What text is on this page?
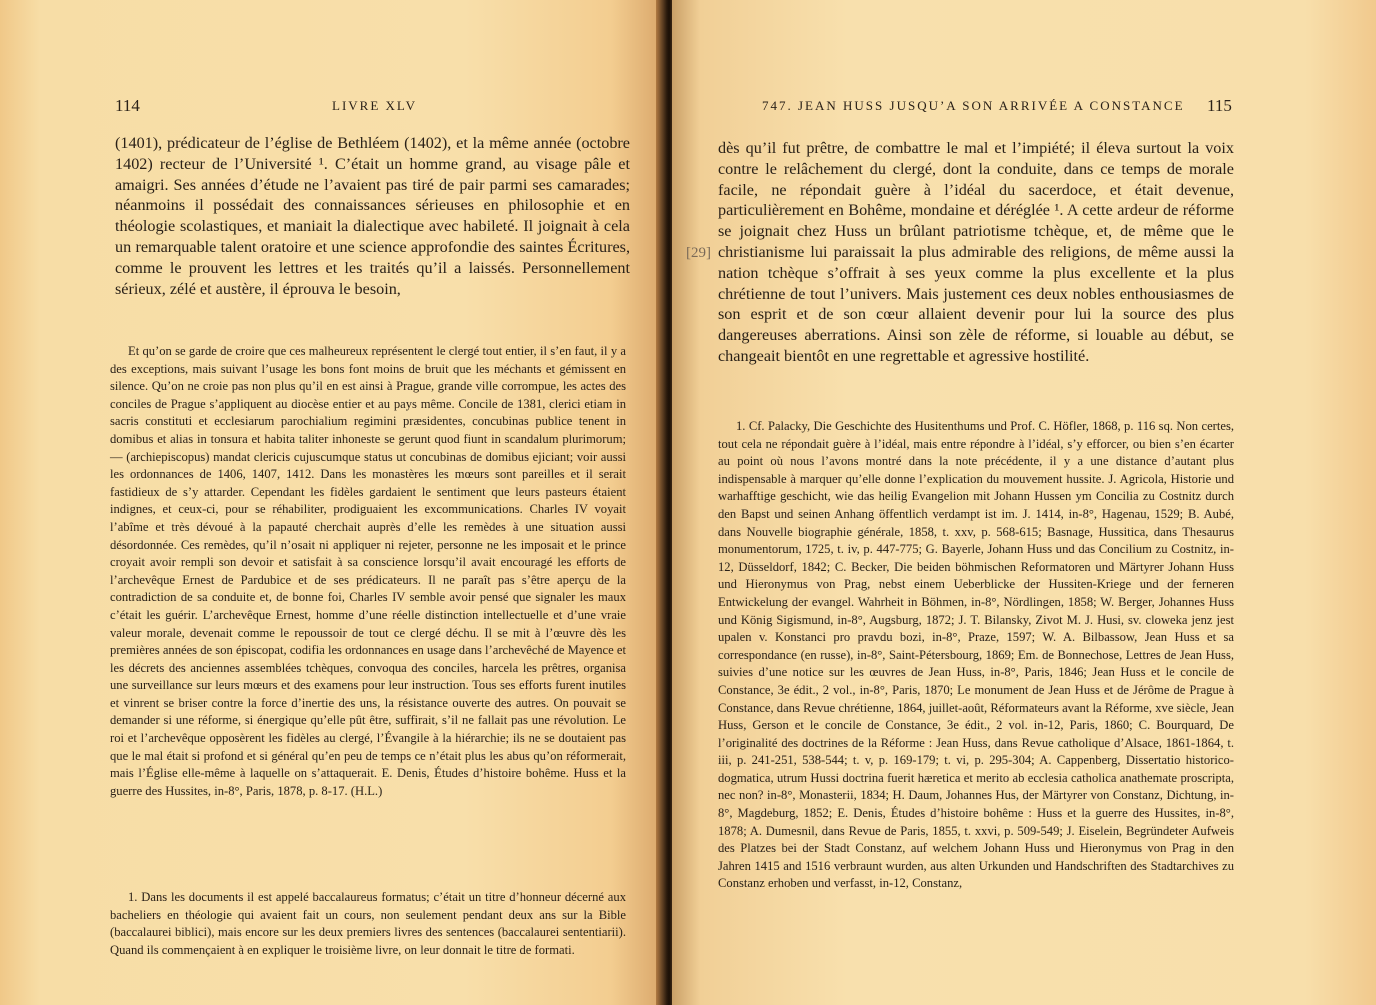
114	LIVRE XLV

(1401), prédicateur de l’église de Bethléem (1402), et la même année (octobre 1402) recteur de l’Université ¹. C’était un homme grand, au visage pâle et amaigri. Ses années d’étude ne l’avaient pas tiré de pair parmi ses camarades; néanmoins il possédait des connaissances sérieuses en philosophie et en théologie scolastiques, et maniait la dialectique avec habileté. Il joignait à cela un remarquable talent oratoire et une science approfondie des saintes Écritures, comme le prouvent les lettres et les traités qu’il a laissés. Personnellement sérieux, zélé et austère, il éprouva le besoin,

Et qu’on se garde de croire que ces malheureux représentent le clergé tout entier, il s’en faut, il y a des exceptions, mais suivant l’usage les bons font moins de bruit que les méchants et gémissent en silence. Qu’on ne croie pas non plus qu’il en est ainsi à Prague, grande ville corrompue, les actes des conciles de Prague s’appliquent au diocèse entier et au pays même. Concile de 1381, clerici etiam in sacris constituti et ecclesiarum parochialium regimini præsidentes, concubinas publice tenent in domibus et alias in tonsura et habita taliter inhoneste se gerunt quod fiunt in scandalum plurimorum; — (archiepiscopus) mandat clericis cujuscumque status ut concubinas de domibus ejiciant; voir aussi les ordonnances de 1406, 1407, 1412. Dans les monastères les mœurs sont pareilles et il serait fastidieux de s’y attarder. Cependant les fidèles gardaient le sentiment que leurs pasteurs étaient indignes, et ceux-ci, pour se réhabiliter, prodiguaient les excommunications. Charles IV voyait l’abîme et très dévoué à la papauté cherchait auprès d’elle les remèdes à une situation aussi désordonnée. Ces remèdes, qu’il n’osait ni appliquer ni rejeter, personne ne les imposait et le prince croyait avoir rempli son devoir et satisfait à sa conscience lorsqu’il avait encouragé les efforts de l’archevêque Ernest de Pardubice et de ses prédicateurs. Il ne paraît pas s’être aperçu de la contradiction de sa conduite et, de bonne foi, Charles IV semble avoir pensé que signaler les maux c’était les guérir. L’archevêque Ernest, homme d’une réelle distinction intellectuelle et d’une vraie valeur morale, devenait comme le repoussoir de tout ce clergé déchu. Il se mit à l’œuvre dès les premières années de son épiscopat, codifia les ordonnances en usage dans l’archevêché de Mayence et les décrets des anciennes assemblées tchèques, convoqua des conciles, harcela les prêtres, organisa une surveillance sur leurs mœurs et des examens pour leur instruction. Tous ses efforts furent inutiles et vinrent se briser contre la force d’inertie des uns, la résistance ouverte des autres. On pouvait se demander si une réforme, si énergique qu’elle pût être, suffirait, s’il ne fallait pas une révolution. Le roi et l’archevêque opposèrent les fidèles au clergé, l’Évangile à la hiérarchie; ils ne se doutaient pas que le mal était si profond et si général qu’en peu de temps ce n’était plus les abus qu’on réformerait, mais l’Église elle-même à laquelle on s’attaquerait. E. Denis, Études d’histoire bohême. Huss et la guerre des Hussites, in-8°, Paris, 1878, p. 8-17. (H.L.)

1. Dans les documents il est appelé baccalaureus formatus; c’était un titre d’honneur décerné aux bacheliers en théologie qui avaient fait un cours, non seulement pendant deux ans sur la Bible (baccalaurei biblici), mais encore sur les deux premiers livres des sentences (baccalaurei sententiarii). Quand ils commençaient à en expliquer le troisième livre, on leur donnait le titre de formati.

747. JEAN HUSS JUSQU’A SON ARRIVÉE A CONSTANCE 115

dès qu’il fut prêtre, de combattre le mal et l’impiété; il éleva surtout la voix contre le relâchement du clergé, dont la conduite, dans ce temps de morale facile, ne répondait guère à l’idéal du sacerdoce, et était devenue, particulièrement en Bohême, mondaine et déréglée ¹. A cette ardeur de réforme se joignait chez Huss un brûlant patriotisme tchèque, et, de même que le christianisme lui paraissait la plus admirable des religions, de même aussi la nation tchèque s’offrait à ses yeux comme la plus excellente et la plus chrétienne de tout l’univers. Mais justement ces deux nobles enthousiasmes de son esprit et de son cœur allaient devenir pour lui la source des plus dangereuses aberrations. Ainsi son zèle de réforme, si louable au début, se changeait bientôt en une regrettable et agressive hostilité.

1. Cf. Palacky, Die Geschichte des Husitenthums und Prof. C. Höfler, 1868, p. 116 sq. Non certes, tout cela ne répondait guère à l’idéal, mais entre répondre à l’idéal, s’y efforcer, ou bien s’en écarter au point où nous l’avons montré dans la note précédente, il y a une distance d’autant plus indispensable à marquer qu’elle donne l’explication du mouvement hussite. J. Agricola, Historie und warhafftige geschicht, wie das heilig Evangelion mit Johann Hussen ym Concilia zu Costnitz durch den Bapst und seinen Anhang öffentlich verdampt ist im. J. 1414, in-8°, Hagenau, 1529; B. Aubé, dans Nouvelle biographie générale, 1858, t. xxv, p. 568-615; Basnage, Hussitica, dans Thesaurus monumentorum, 1725, t. iv, p. 447-775; G. Bayerle, Johann Huss und das Concilium zu Costnitz, in-12, Düsseldorf, 1842; C. Becker, Die beiden böhmischen Reformatoren und Märtyrer Johann Huss und Hieronymus von Prag, nebst einem Ueberblicke der Hussiten-Kriege und der ferneren Entwickelung der evangel. Wahrheit in Böhmen, in-8°, Nördlingen, 1858; W. Berger, Johannes Huss und König Sigismund, in-8°, Augsburg, 1872; J. T. Bilansky, Zivot M. J. Husi, sv. cloweka jenz jest upalen v. Konstanci pro pravdu bozi, in-8°, Praze, 1597; W. A. Bilbassow, Jean Huss et sa correspondance (en russe), in-8°, Saint-Pétersbourg, 1869; Em. de Bonnechose, Lettres de Jean Huss, suivies d’une notice sur les œuvres de Jean Huss, in-8°, Paris, 1846; Jean Huss et le concile de Constance, 3e édit., 2 vol., in-8°, Paris, 1870; Le monument de Jean Huss et de Jérôme de Prague à Constance, dans Revue chrétienne, 1864, juillet-août, Réformateurs avant la Réforme, xve siècle, Jean Huss, Gerson et le concile de Constance, 3e édit., 2 vol. in-12, Paris, 1860; C. Bourquard, De l’originalité des doctrines de la Réforme : Jean Huss, dans Revue catholique d’Alsace, 1861-1864, t. iii, p. 241-251, 538-544; t. v, p. 169-179; t. vi, p. 295-304; A. Cappenberg, Dissertatio historico-dogmatica, utrum Hussi doctrina fuerit hæretica et merito ab ecclesia catholica anathemate proscripta, nec non? in-8°, Monasterii, 1834; H. Daum, Johannes Hus, der Märtyrer von Constanz, Dichtung, in-8°, Magdeburg, 1852; E. Denis, Études d’histoire bohême : Huss et la guerre des Hussites, in-8°, 1878; A. Dumesnil, dans Revue de Paris, 1855, t. xxvi, p. 509-549; J. Eiselein, Begründeter Aufweis des Platzes bei der Stadt Constanz, auf welchem Johann Huss und Hieronymus von Prag in den Jahren 1415 and 1516 verbraunt wurden, aus alten Urkunden und Handschriften des Stadtarchives zu Constanz erhoben und verfasst, in-12, Constanz,

[29]
